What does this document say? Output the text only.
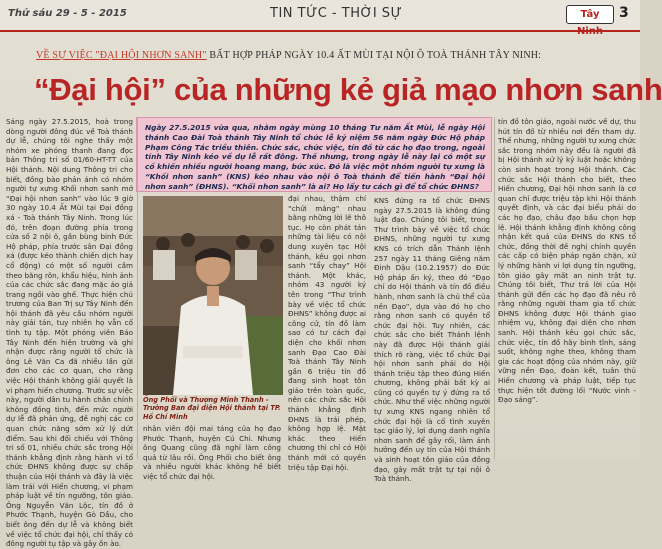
Thứ sáu 29 - 5 - 2015	TIN TỨC - THỜI SỰ	Tây Ninh
3
VỀ SỰ VIỆC "ĐẠI HỘI NHƠN SANH" BẤT HỢP PHÁP NGÀY 10.4 ẤT MÙI TẠI NỘI Ô TOÀ THÁNH TÂY NINH:
“Đại hội” của những kẻ giả mạo nhơn sanh
Ngày 27.5.2015 vừa qua, nhằm ngày mùng 10 tháng Tư năm Ất Mùi, lễ ngày Hội thánh Cao Đài Toà thánh Tây Ninh tổ chức lễ kỷ niệm 56 năm ngày Đức Hộ pháp Phạm Công Tắc triều thiên. Chức sắc, chức việc, tín đồ từ các họ đạo trong, ngoài tỉnh Tây Ninh kéo về dự lễ rất đông. Thế nhưng, trong ngày lễ này lại có một sự cố khiến nhiều người hoang mang, bức xúc. Đó là việc một nhóm người tự xưng là “Khối nhơn sanh” (KNS) kéo nhau vào nội ô Toà thánh để tiến hành “Đại hội nhơn sanh” (ĐHNS). “Khối nhơn sanh” là ai? Họ lấy tư cách gì để tổ chức ĐHNS?
Sáng ngày 27.5.2015, hoà trong dòng người đông đúc về Toà thánh dự lễ, chúng tôi nghe thấy một nhóm xe phóng thanh đang đọc bản Thông tri số 01/60-HT-TT của Hội thánh. Nội dung Thông tri cho biết, đồng bào phản ánh có nhóm người tự xưng Khối nhơn sanh mở “Đại hội nhơn sanh” vào lúc 9 giờ 30 ngày 10.4 Ất Mùi tại Đại đồng xá - Toà thánh Tây Ninh. Trong lúc đó, trên đoạn đường phía trong cửa số 2 nội ô, gần bùng binh Đức Hộ pháp, phía trước sân Đại đồng xá (được kéo thành chiến dịch hay cổ động) có một số người cầm theo băng rôn, khẩu hiệu, hình ảnh của các chức sắc đang mặc áo giả trang ngồi vào ghế. Thực hiện chủ trương của Ban Trị sự Tây Ninh đến hội thánh đã yêu cầu nhóm người này giải tán, tuy nhiên họ vẫn cố tình tụ tập. Một phóng viên Báo Tây Ninh đến hiện trường và ghi nhận được rằng người tổ chức là ông Lê Văn Ca đã nhiều lần gửi đơn cho các cơ quan, cho rằng việc Hội thánh không giải quyết là vi phạm hiến chương. Trước sự việc này, người dân tu hành chân chính không đồng tình, đến mức người dự lễ đã phản ứng, đề nghị các cơ quan chức năng sớm xử lý dứt điểm. Sau khi đối chiếu với Thông tri số 01, nhiều chức sắc trong Hội thánh khẳng định rằng hành vi tổ chức ĐHNS không được sự chấp thuận của Hội thánh và đây là việc làm trái với Hiến chương, vi phạm pháp luật về tín ngưỡng, tôn giáo. Ông Nguyễn Văn Lộc, tín đồ ở Phước Thạnh, huyện Gò Dầu, cho biết ông đến dự lễ và không biết về việc tổ chức đại hội, chỉ thấy có đông người tụ tập và gây ồn ào.
Ông Phối và Thượng Minh Thanh - Trưởng Ban đại diện Hội thánh tại TP. Hồ Chí Minh
nhân viên đội mai táng của họ đạo Phước Thạnh, huyện Củ Chi. Nhưng ông Quang cũng đã nghỉ làm công quả từ lâu rồi. Ông Phối cho biết ông và nhiều người khác không hề biết việc tổ chức đại hội.
đại nhau, thậm chí “chửi mắng” nhau bằng những lời lẽ thô tục. Họ còn phát tán những tài liệu có nội dung xuyên tạc Hội thánh, kêu gọi nhơn sanh “tẩy chay” Hội thánh. Một khác, nhóm 43 người ký tên trong “Thư trình bày về việc tổ chức ĐHNS” không được ai công cử, tín đồ làm sao có tư cách đại diện cho khối nhơn sanh Đạo Cao Đài Toà thánh Tây Ninh gần 6 triệu tín đồ đang sinh hoạt tôn giáo trên toàn quốc, nên các chức sắc Hội thánh khẳng định ĐHNS là trái phép, không hợp lệ. Mặt khác theo Hiến chương thì chỉ có Hội thánh mới có quyền triệu tập Đại hội.
KNS đứng ra tổ chức ĐHNS ngày 27.5.2015 là không đúng luật đạo. Chúng tôi biết, trong Thư trình bày về việc tổ chức ĐHNS, những người tự xưng KNS có trích dẫn Thánh lệnh 257 ngày 11 tháng Giêng năm Đinh Dậu (10.2.1957) do Đức Hộ pháp ấn ký, theo đó “Đạo chỉ do Hội thánh và tín đồ điều hành, nhơn sanh là chủ thể của nền Đạo”, dựa vào đó họ cho rằng nhơn sanh có quyền tổ chức đại hội. Tuy nhiên, các chức sắc cho biết Thánh lệnh này đã được Hội thánh giải thích rõ ràng, việc tổ chức Đại hội nhơn sanh phải do Hội thánh triệu tập theo đúng Hiến chương, không phải bất kỳ ai cũng có quyền tự ý đứng ra tổ chức. Như thế việc những người tự xưng KNS ngang nhiên tổ chức đại hội là cố tình xuyên tạc giáo lý, lợi dụng danh nghĩa nhơn sanh để gây rối, làm ảnh hưởng đến uy tín của Hội thánh và sinh hoạt tôn giáo của đồng đạo, gây mất trật tự tại nội ô Toà thánh.
tín đồ tôn giáo, ngoài nước về dự, thu hút tín đồ từ nhiều nơi đến tham dự. Thế nhưng, những người tự xưng chức sắc trong nhóm này đều là người đã bị Hội thánh xử lý kỷ luật hoặc không còn sinh hoạt trong Hội thánh. Các chức sắc Hội thánh cho biết, theo Hiến chương, Đại hội nhơn sanh là cơ quan chỉ được triệu tập khi Hội thánh quyết định, và các đại biểu phải do các họ đạo, châu đạo bầu chọn hợp lệ. Hội thánh khẳng định không công nhận kết quả của ĐHNS do KNS tổ chức, đồng thời đề nghị chính quyền các cấp có biện pháp ngăn chặn, xử lý những hành vi lợi dụng tín ngưỡng, tôn giáo gây mất an ninh trật tự. Chúng tôi biết, Thư trả lời của Hội thánh gửi đến các họ đạo đã nêu rõ rằng những người tham gia tổ chức ĐHNS không được Hội thánh giao nhiệm vụ, không đại diện cho nhơn sanh. Hội thánh kêu gọi chức sắc, chức việc, tín đồ hãy bình tĩnh, sáng suốt, không nghe theo, không tham gia các hoạt động của nhóm này, giữ vững nền Đạo, đoàn kết, tuân thủ Hiến chương và pháp luật, tiếp tục thực hiện tốt đường lối “Nước vinh - Đạo sáng”.
